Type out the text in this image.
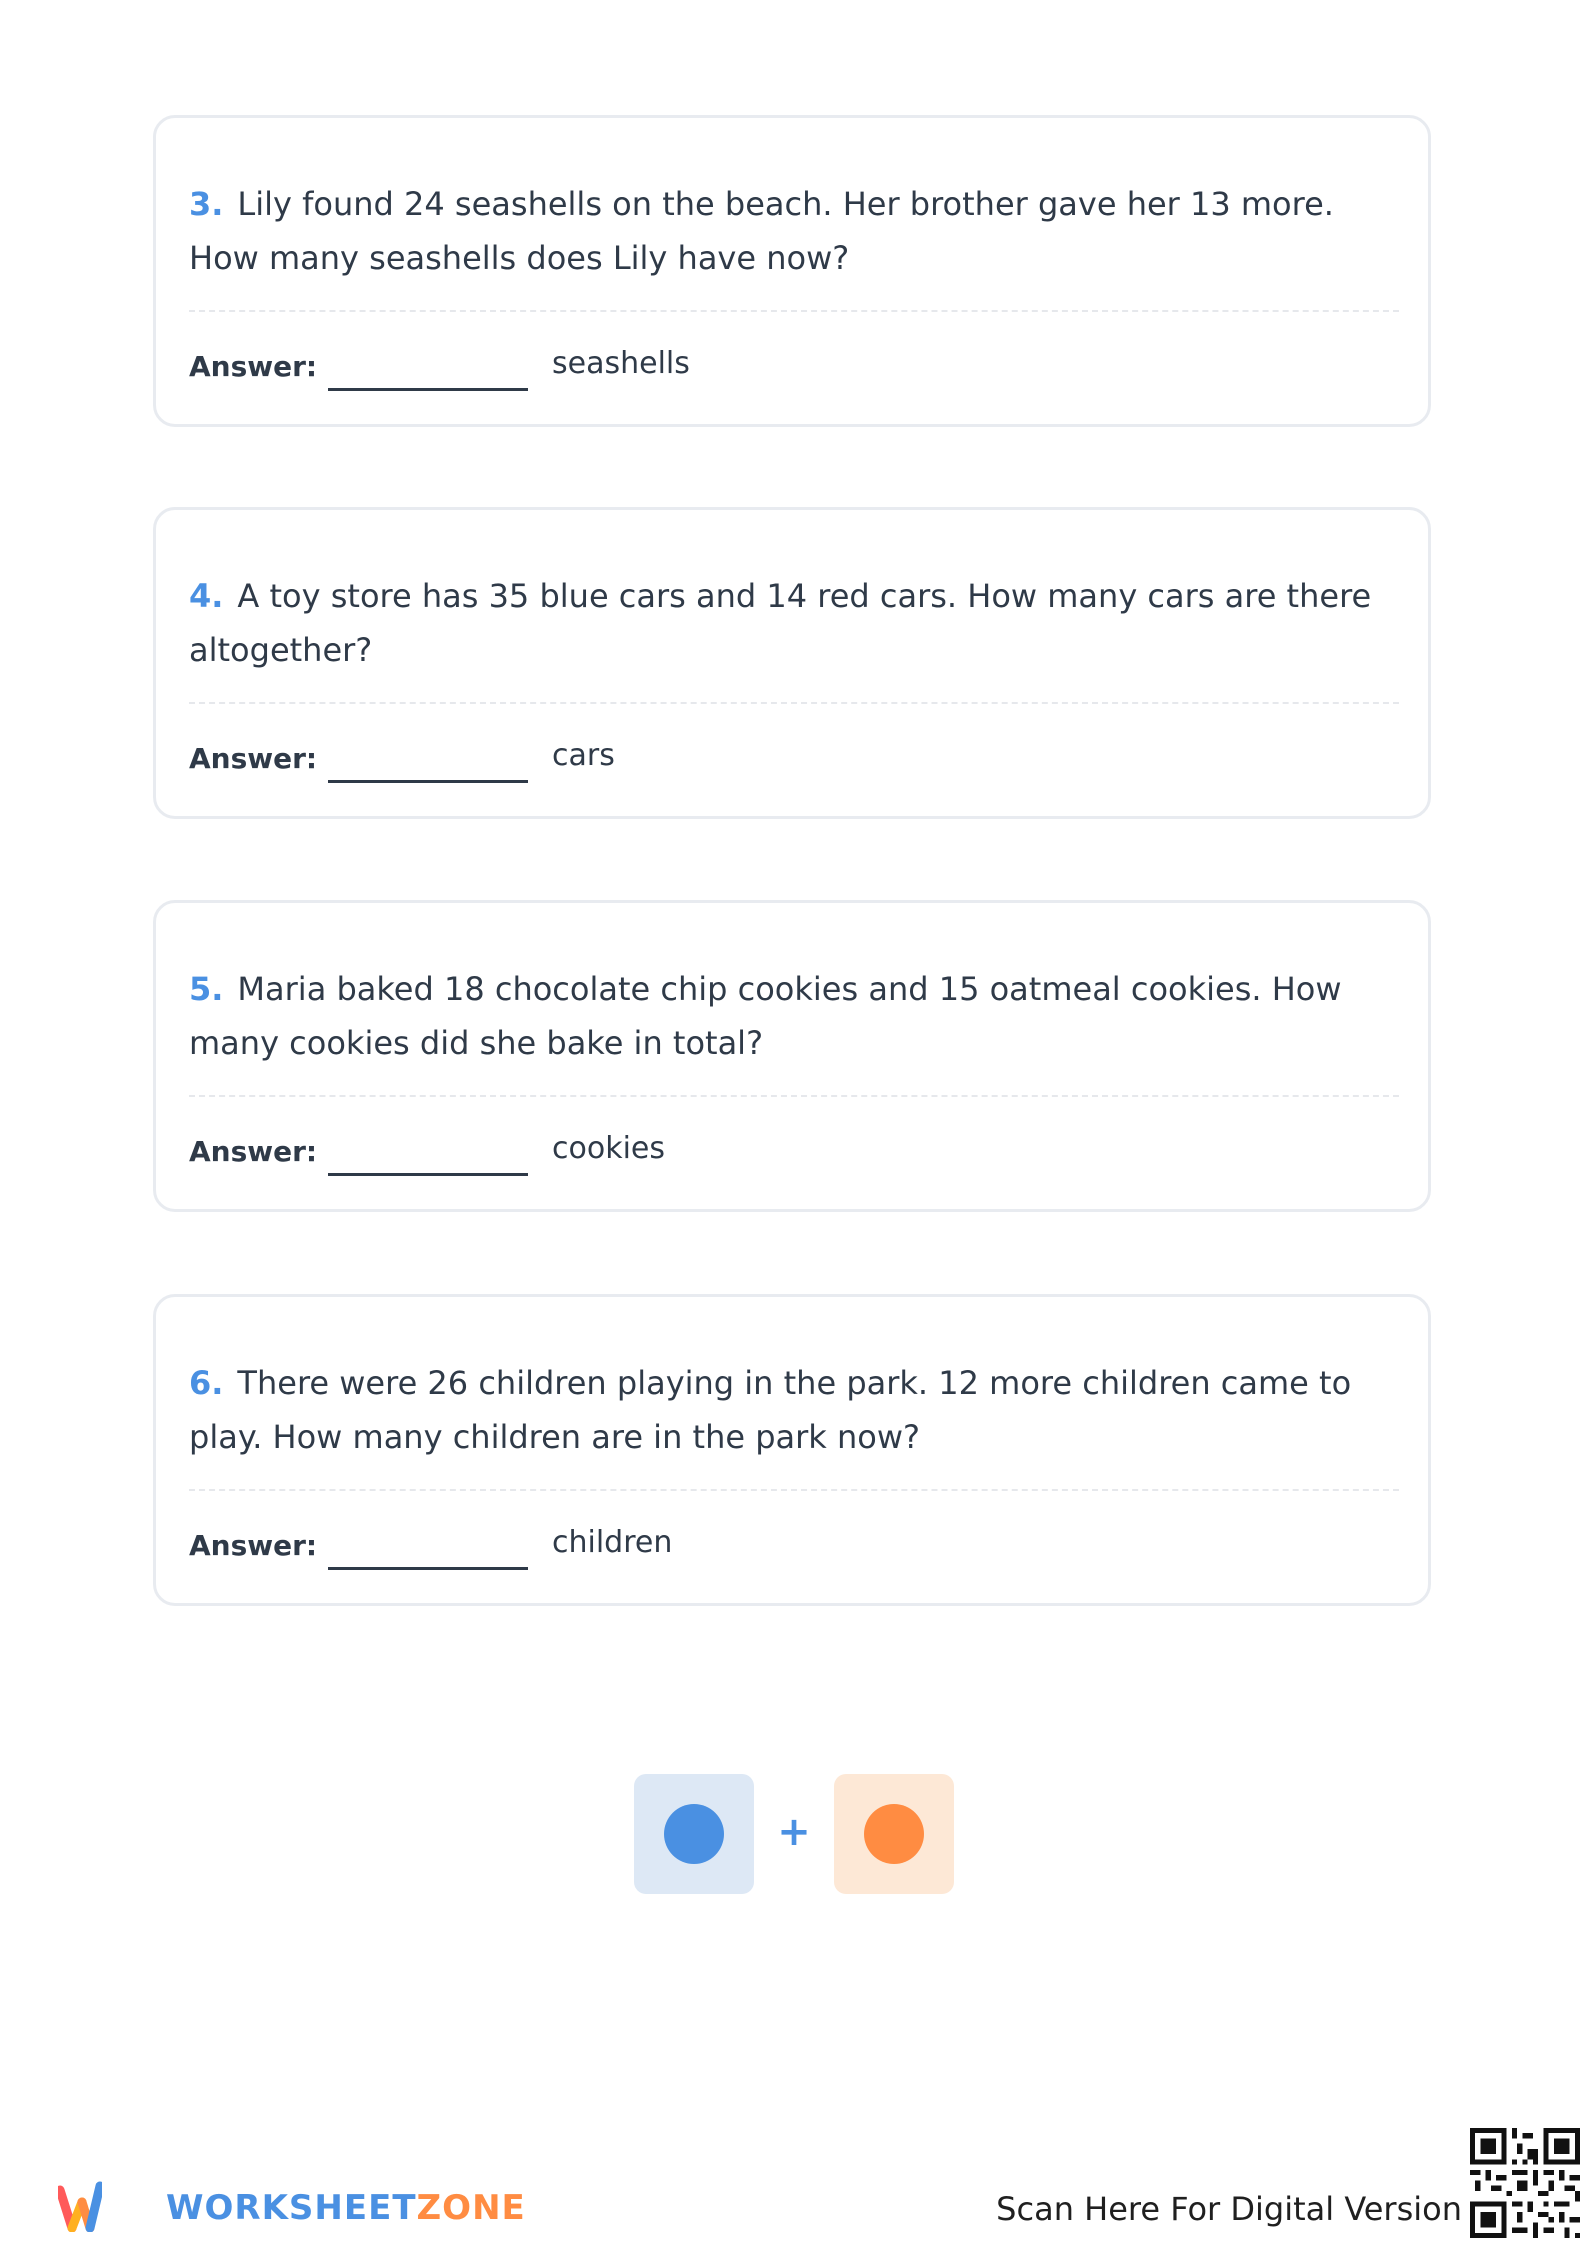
3. Lily found 24 seashells on the beach. Her brother gave her 13 more. How many seashells does Lily have now?

Answer:	seashells

4. A toy store has 35 blue cars and 14 red cars. How many cars are there altogether?

Answer:	cars

5. Maria baked 18 chocolate chip cookies and 15 oatmeal cookies. How many cookies did she bake in total?

Answer:	cookies

6. There were 26 children playing in the park. 12 more children came to play. How many children are in the park now?

Answer:	children
+
WORKSHEETZONE	Scan Here For Digital Version
